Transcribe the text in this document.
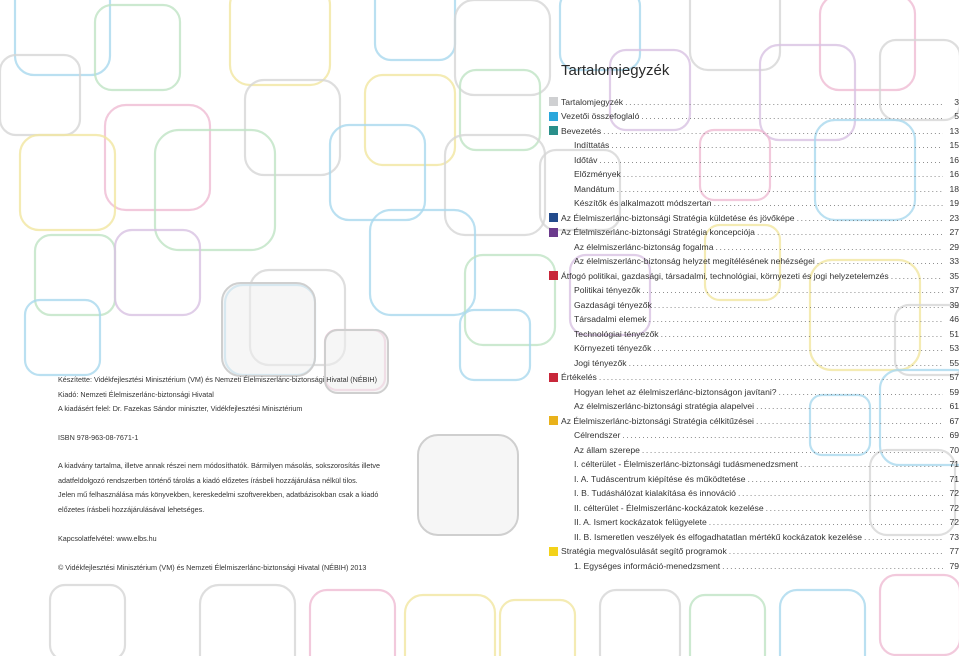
Készítette: Vidékfejlesztési Minisztérium (VM) és Nemzeti Élelmiszerlánc-biztonsági Hivatal (NÉBIH)
Kiadó: Nemzeti Élelmiszerlánc-biztonsági Hivatal
A kiadásért felel: Dr. Fazekas Sándor miniszter, Vidékfejlesztési Minisztérium
ISBN 978-963-08-7671-1
A kiadvány tartalma, illetve annak részei nem módosíthatók. Bármilyen másolás, sokszorosítás illetve
adatfeldolgozó rendszerben történő tárolás a kiadó előzetes írásbeli hozzájárulása nélkül tilos.
Jelen mű felhasználása más könyvekben, kereskedelmi szoftverekben, adatbázisokban csak a kiadó
előzetes írásbeli hozzájárulásával lehetséges.
Kapcsolatfelvétel: www.elbs.hu
© Vidékfejlesztési Minisztérium (VM) és Nemzeti Élelmiszerlánc-biztonsági Hivatal (NÉBIH) 2013
Tartalomjegyzék
Tartalomjegyzék .....	3
Vezetői összefoglaló .....	5
Bevezetés .....	13
Indíttatás .....	15
Időtáv .....	16
Előzmények .....	16
Mandátum .....	18
Készítők és alkalmazott módszertan .....	19
Az Élelmiszerlánc-biztonsági Stratégia küldetése és jövőképe .....	23
Az Élelmiszerlánc-biztonsági Stratégia koncepciója .....	27
Az élelmiszerlánc-biztonság fogalma .....	29
Az élelmiszerlánc-biztonság helyzet megítélésének nehézségei .....	33
Átfogó politikai, gazdasági, társadalmi, technológiai, környezeti és jogi helyzetelemzés .....	35
Politikai tényezők .....	37
Gazdasági tényezők .....	39
Társadalmi elemek .....	46
Technológiai tényezők .....	51
Környezeti tényezők .....	53
Jogi tényezők .....	55
Értékelés .....	57
Hogyan lehet az élelmiszerlánc-biztonságon javítani? .....	59
Az élelmiszerlánc-biztonsági stratégia alapelvei .....	61
Az Élelmiszerlánc-biztonsági Stratégia célkitűzései .....	67
Célrendszer .....	69
Az állam szerepe .....	70
I. célterület - Élelmiszerlánc-biztonsági tudásmenedzsment .....	71
I. A. Tudáscentrum kiépítése és működtetése .....	71
I. B. Tudáshálózat kialakítása és innováció .....	72
II. célterület - Élelmiszerlánc-kockázatok kezelése .....	72
II. A. Ismert kockázatok felügyelete .....	72
II. B. Ismeretlen veszélyek és elfogadhatatlan mértékű kockázatok kezelése .....	73
Stratégia megvalósulását segítő programok .....	77
1. Egységes információ-menedzsment .....	79
